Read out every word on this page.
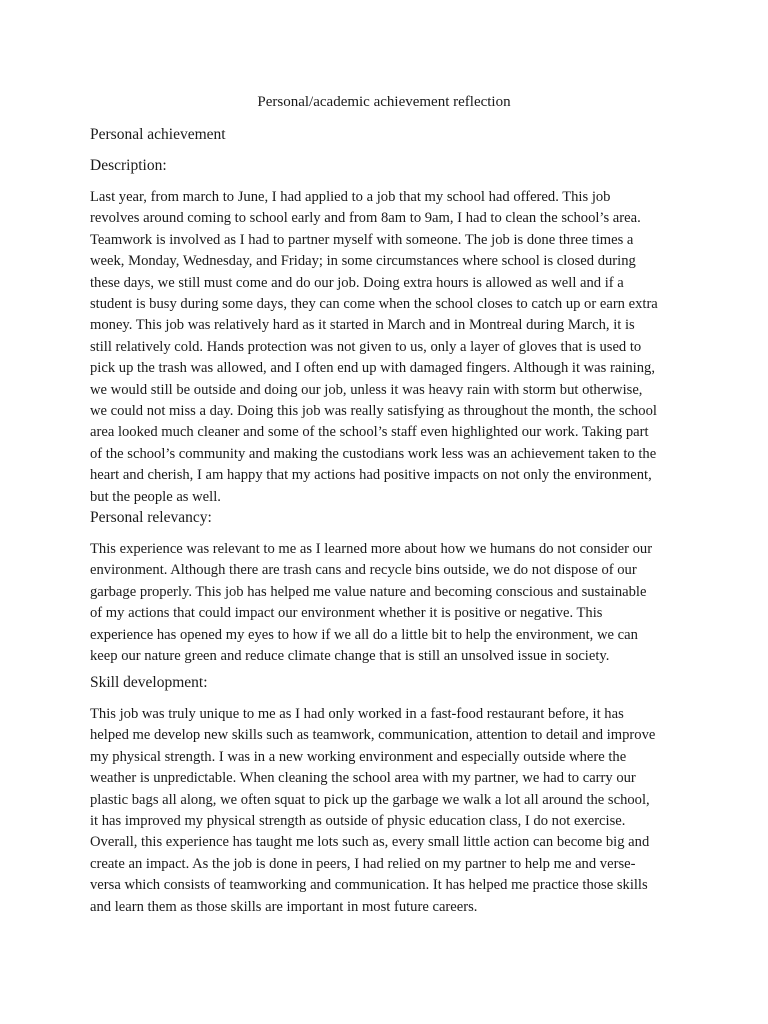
Personal/academic achievement reflection
Personal achievement
Description:
Last year, from march to June, I had applied to a job that my school had offered. This job
revolves around coming to school early and from 8am to 9am, I had to clean the school’s area.
Teamwork is involved as I had to partner myself with someone. The job is done three times a
week, Monday, Wednesday, and Friday; in some circumstances where school is closed during
these days, we still must come and do our job. Doing extra hours is allowed as well and if a
student is busy during some days, they can come when the school closes to catch up or earn extra
money. This job was relatively hard as it started in March and in Montreal during March, it is
still relatively cold. Hands protection was not given to us, only a layer of gloves that is used to
pick up the trash was allowed, and I often end up with damaged fingers. Although it was raining,
we would still be outside and doing our job, unless it was heavy rain with storm but otherwise,
we could not miss a day. Doing this job was really satisfying as throughout the month, the school
area looked much cleaner and some of the school’s staff even highlighted our work. Taking part
of the school’s community and making the custodians work less was an achievement taken to the
heart and cherish, I am happy that my actions had positive impacts on not only the environment,
but the people as well.
Personal relevancy:
This experience was relevant to me as I learned more about how we humans do not consider our
environment. Although there are trash cans and recycle bins outside, we do not dispose of our
garbage properly. This job has helped me value nature and becoming conscious and sustainable
of my actions that could impact our environment whether it is positive or negative. This
experience has opened my eyes to how if we all do a little bit to help the environment, we can
keep our nature green and reduce climate change that is still an unsolved issue in society.
Skill development:
This job was truly unique to me as I had only worked in a fast-food restaurant before, it has
helped me develop new skills such as teamwork, communication, attention to detail and improve
my physical strength. I was in a new working environment and especially outside where the
weather is unpredictable. When cleaning the school area with my partner, we had to carry our
plastic bags all along, we often squat to pick up the garbage we walk a lot all around the school,
it has improved my physical strength as outside of physic education class, I do not exercise.
Overall, this experience has taught me lots such as, every small little action can become big and
create an impact. As the job is done in peers, I had relied on my partner to help me and verse-
versa which consists of teamworking and communication. It has helped me practice those skills
and learn them as those skills are important in most future careers.
